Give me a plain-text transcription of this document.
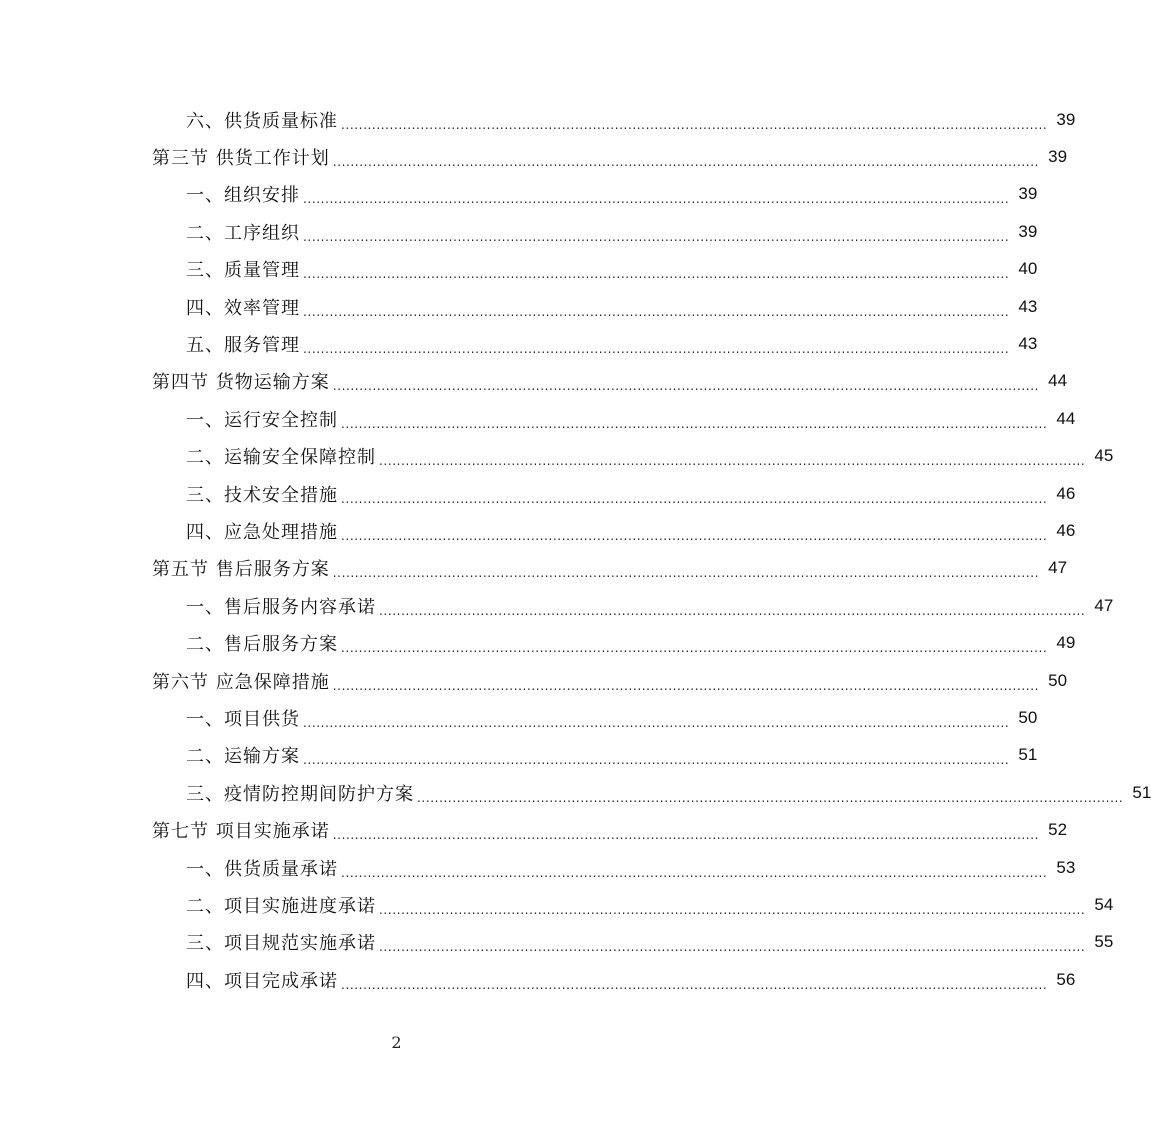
六、供货质量标准 ................................................................................................................................................................ 39
第三节 供货工作计划 ................................................................................................................................................................ 39
一、组织安排 ................................................................................................................................................................ 39
二、工序组织 ................................................................................................................................................................ 39
三、质量管理 ................................................................................................................................................................ 40
四、效率管理 ................................................................................................................................................................ 43
五、服务管理 ................................................................................................................................................................ 43
第四节 货物运输方案 ................................................................................................................................................................ 44
一、运行安全控制 ................................................................................................................................................................ 44
二、运输安全保障控制 ................................................................................................................................................................ 45
三、技术安全措施 ................................................................................................................................................................ 46
四、应急处理措施 ................................................................................................................................................................ 46
第五节 售后服务方案 ................................................................................................................................................................ 47
一、售后服务内容承诺 ................................................................................................................................................................ 47
二、售后服务方案 ................................................................................................................................................................ 49
第六节 应急保障措施 ................................................................................................................................................................ 50
一、项目供货 ................................................................................................................................................................ 50
二、运输方案 ................................................................................................................................................................ 51
三、疫情防控期间防护方案 ................................................................................................................................................................ 51
第七节 项目实施承诺 ................................................................................................................................................................ 52
一、供货质量承诺 ................................................................................................................................................................ 53
二、项目实施进度承诺 ................................................................................................................................................................ 54
三、项目规范实施承诺 ................................................................................................................................................................ 55
四、项目完成承诺 ................................................................................................................................................................ 56
2
